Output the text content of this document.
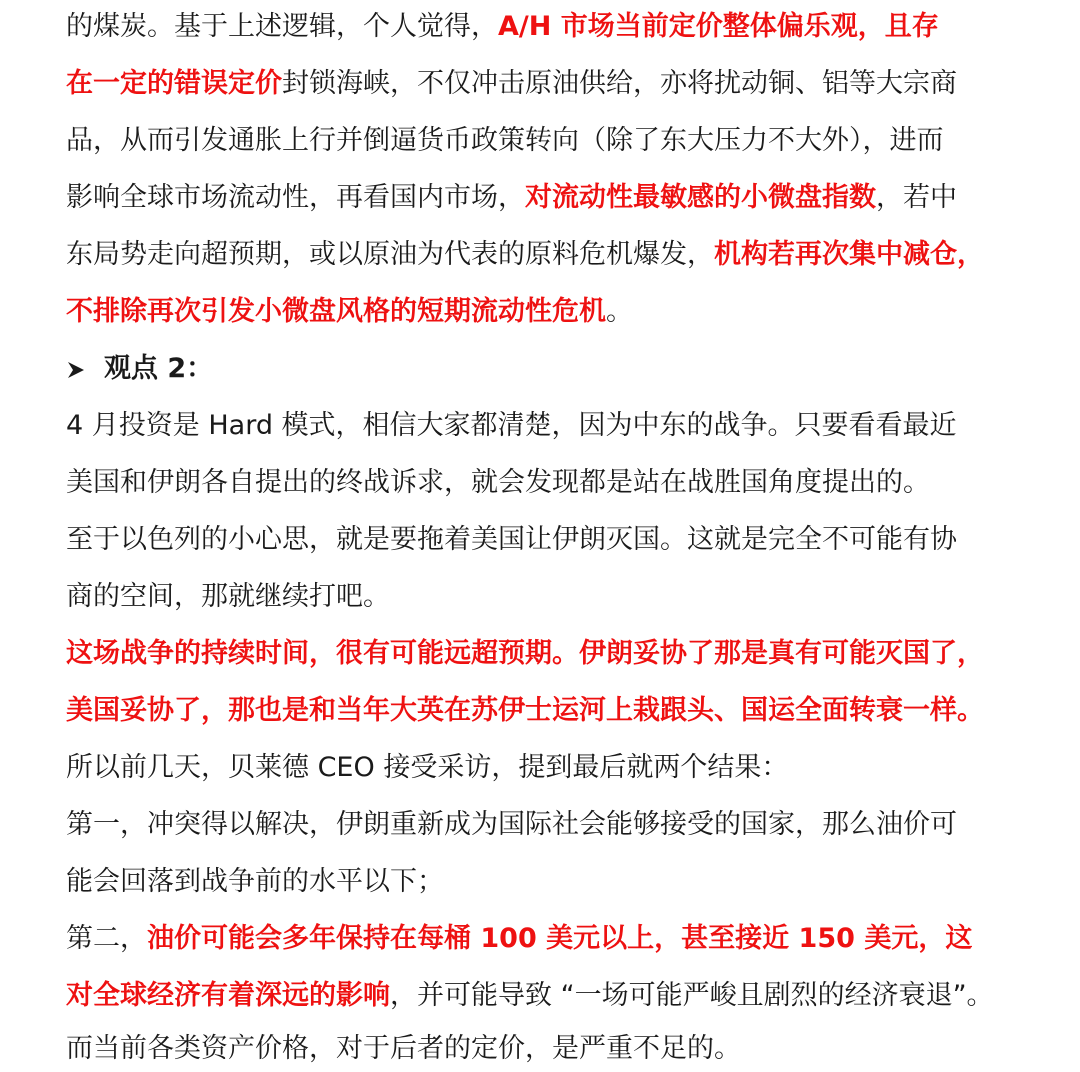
的煤炭。基于上述逻辑，个人觉得，A/H 市场当前定价整体偏乐观，且存
在一定的错误定价封锁海峡，不仅冲击原油供给，亦将扰动铜、铝等大宗商
品，从而引发通胀上行并倒逼货币政策转向（除了东大压力不大外），进而
影响全球市场流动性，再看国内市场，对流动性最敏感的小微盘指数，若中
东局势走向超预期，或以原油为代表的原料危机爆发，机构若再次集中减仓，
不排除再次引发小微盘风格的短期流动性危机。
观点 2：
4 月投资是 Hard 模式，相信大家都清楚，因为中东的战争。只要看看最近
美国和伊朗各自提出的终战诉求，就会发现都是站在战胜国角度提出的。
至于以色列的小心思，就是要拖着美国让伊朗灭国。这就是完全不可能有协
商的空间，那就继续打吧。
这场战争的持续时间，很有可能远超预期。伊朗妥协了那是真有可能灭国了，
美国妥协了，那也是和当年大英在苏伊士运河上栽跟头、国运全面转衰一样。
所以前几天，贝莱德 CEO 接受采访，提到最后就两个结果：
第一，冲突得以解决，伊朗重新成为国际社会能够接受的国家，那么油价可
能会回落到战争前的水平以下；
第二，油价可能会多年保持在每桶 100 美元以上，甚至接近 150 美元，这
对全球经济有着深远的影响，并可能导致 “一场可能严峻且剧烈的经济衰退”。
而当前各类资产价格，对于后者的定价，是严重不足的。
